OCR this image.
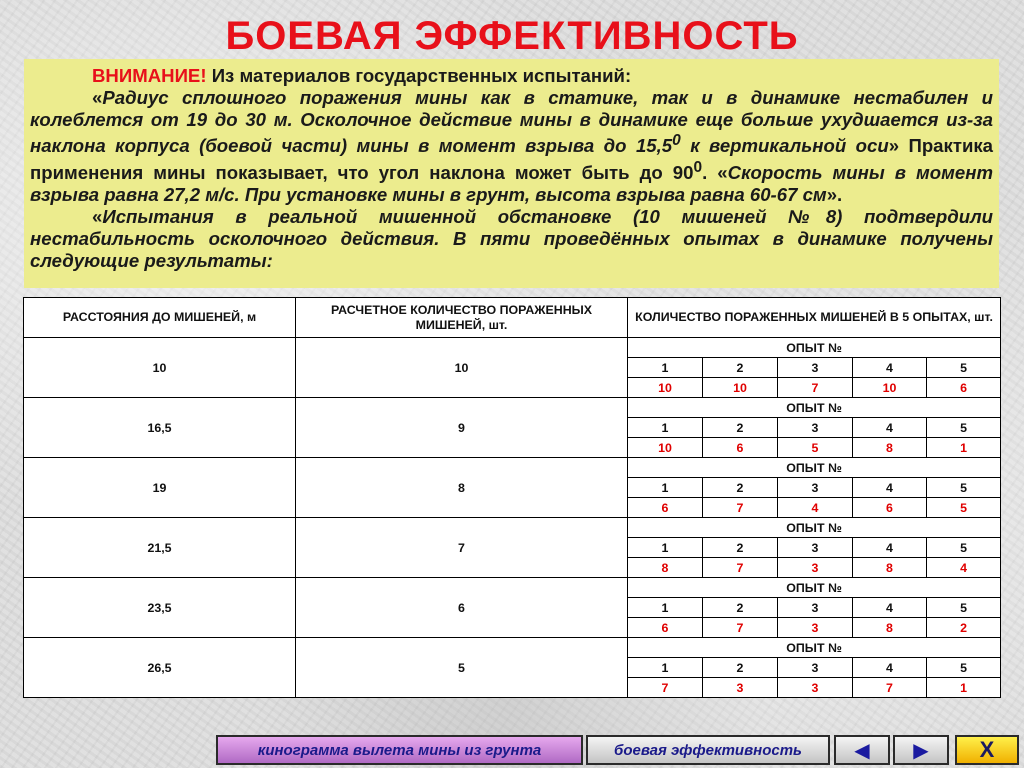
БОЕВАЯ ЭФФЕКТИВНОСТЬ

ВНИМАНИЕ! Из материалов государственных испытаний:

«Радиус сплошного поражения мины как в статике, так и в динамике нестабилен и колеблется от 19 до 30 м. Осколочное действие мины в динамике еще больше ухудшается из-за наклона корпуса (боевой части) мины в момент взрыва до 15,5$^0$ к вертикальной оси» Практика применения мины показывает, что угол наклона может быть до $90^0$. «Скорость мины в момент взрыва равна 27,2 м/с. При установке мины в грунт, высота взрыва равна 60-67 см».

«Испытания в реальной мишенной обстановке (10 мишеней №8) подтвердили нестабильность осколочного действия. В пяти проведённых опытах в динамике получены следующие результаты:

РАССТОЯНИЯ ДО МИШЕНЕЙ, м	РАСЧЕТНОЕ КОЛИЧЕСТВО ПОРАЖЕННЫХ МИШЕНЕЙ, шт.	КОЛИЧЕСТВО ПОРАЖЕННЫХ МИШЕНЕЙ В 5 ОПЫТАХ, шт.				
10	10	ОПЫТ №				
		1	2	3	4	5
		10	10	7	10	6
16,5	9	ОПЫТ №				
		1	2	3	4	5
		10	6	5	8	1
19	8	ОПЫТ №				
		1	2	3	4	5
		6	7	4	6	5
21,5	7	ОПЫТ №				
		1	2	3	4	5
		8	7	3	8	4
23,5	6	ОПЫТ №				
		1	2	3	4	5
		6	7	3	8	2
26,5	5	ОПЫТ №				
		1	2	3	4	5
		7	3	3	7	1
кинограмма вылета мины из грунта	боевая эффективность	◀ ▶ X
